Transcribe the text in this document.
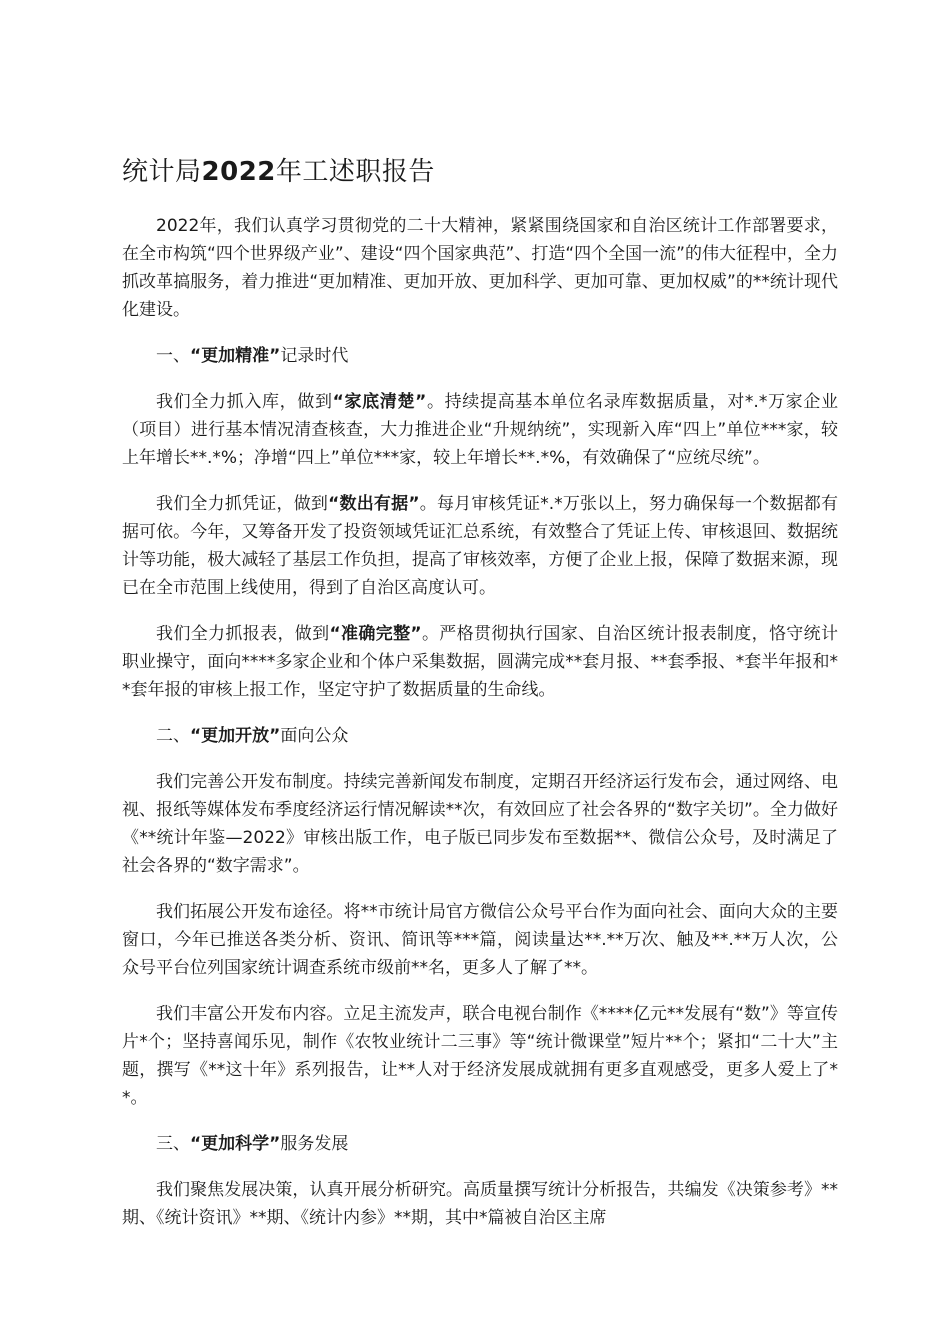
统计局2022年工述职报告

2022年，我们认真学习贯彻党的二十大精神，紧紧围绕国家和自治区统计工作部署要求，在全市构筑“四个世界级产业”、建设“四个国家典范”、打造“四个全国一流”的伟大征程中，全力抓改革搞服务，着力推进“更加精准、更加开放、更加科学、更加可靠、更加权威”的**统计现代化建设。

一、“更加精准”记录时代

我们全力抓入库，做到“家底清楚”。持续提高基本单位名录库数据质量，对*.*万家企业（项目）进行基本情况清查核查，大力推进企业“升规纳统”，实现新入库“四上”单位***家，较上年增长**.*%；净增“四上”单位***家，较上年增长**.*%，有效确保了“应统尽统”。

我们全力抓凭证，做到“数出有据”。每月审核凭证*.*万张以上，努力确保每一个数据都有据可依。今年，又筹备开发了投资领域凭证汇总系统，有效整合了凭证上传、审核退回、数据统计等功能，极大减轻了基层工作负担，提高了审核效率，方便了企业上报，保障了数据来源，现已在全市范围上线使用，得到了自治区高度认可。

我们全力抓报表，做到“准确完整”。严格贯彻执行国家、自治区统计报表制度，恪守统计职业操守，面向****多家企业和个体户采集数据，圆满完成**套月报、**套季报、*套半年报和**套年报的审核上报工作，坚定守护了数据质量的生命线。

二、“更加开放”面向公众

我们完善公开发布制度。持续完善新闻发布制度，定期召开经济运行发布会，通过网络、电视、报纸等媒体发布季度经济运行情况解读**次，有效回应了社会各界的“数字关切”。全力做好《**统计年鉴—2022》审核出版工作，电子版已同步发布至数据**、微信公众号，及时满足了社会各界的“数字需求”。

我们拓展公开发布途径。将**市统计局官方微信公众号平台作为面向社会、面向大众的主要窗口，今年已推送各类分析、资讯、简讯等***篇，阅读量达**.**万次、触及**.**万人次，公众号平台位列国家统计调查系统市级前**名，更多人了解了**。

我们丰富公开发布内容。立足主流发声，联合电视台制作《****亿元**发展有“数”》等宣传片*个；坚持喜闻乐见，制作《农牧业统计二三事》等“统计微课堂”短片**个；紧扣“二十大”主题，撰写《**这十年》系列报告，让**人对于经济发展成就拥有更多直观感受，更多人爱上了**。

三、“更加科学”服务发展

我们聚焦发展决策，认真开展分析研究。高质量撰写统计分析报告，共编发《决策参考》**期、《统计资讯》**期、《统计内参》**期，其中*篇被自治区主席
